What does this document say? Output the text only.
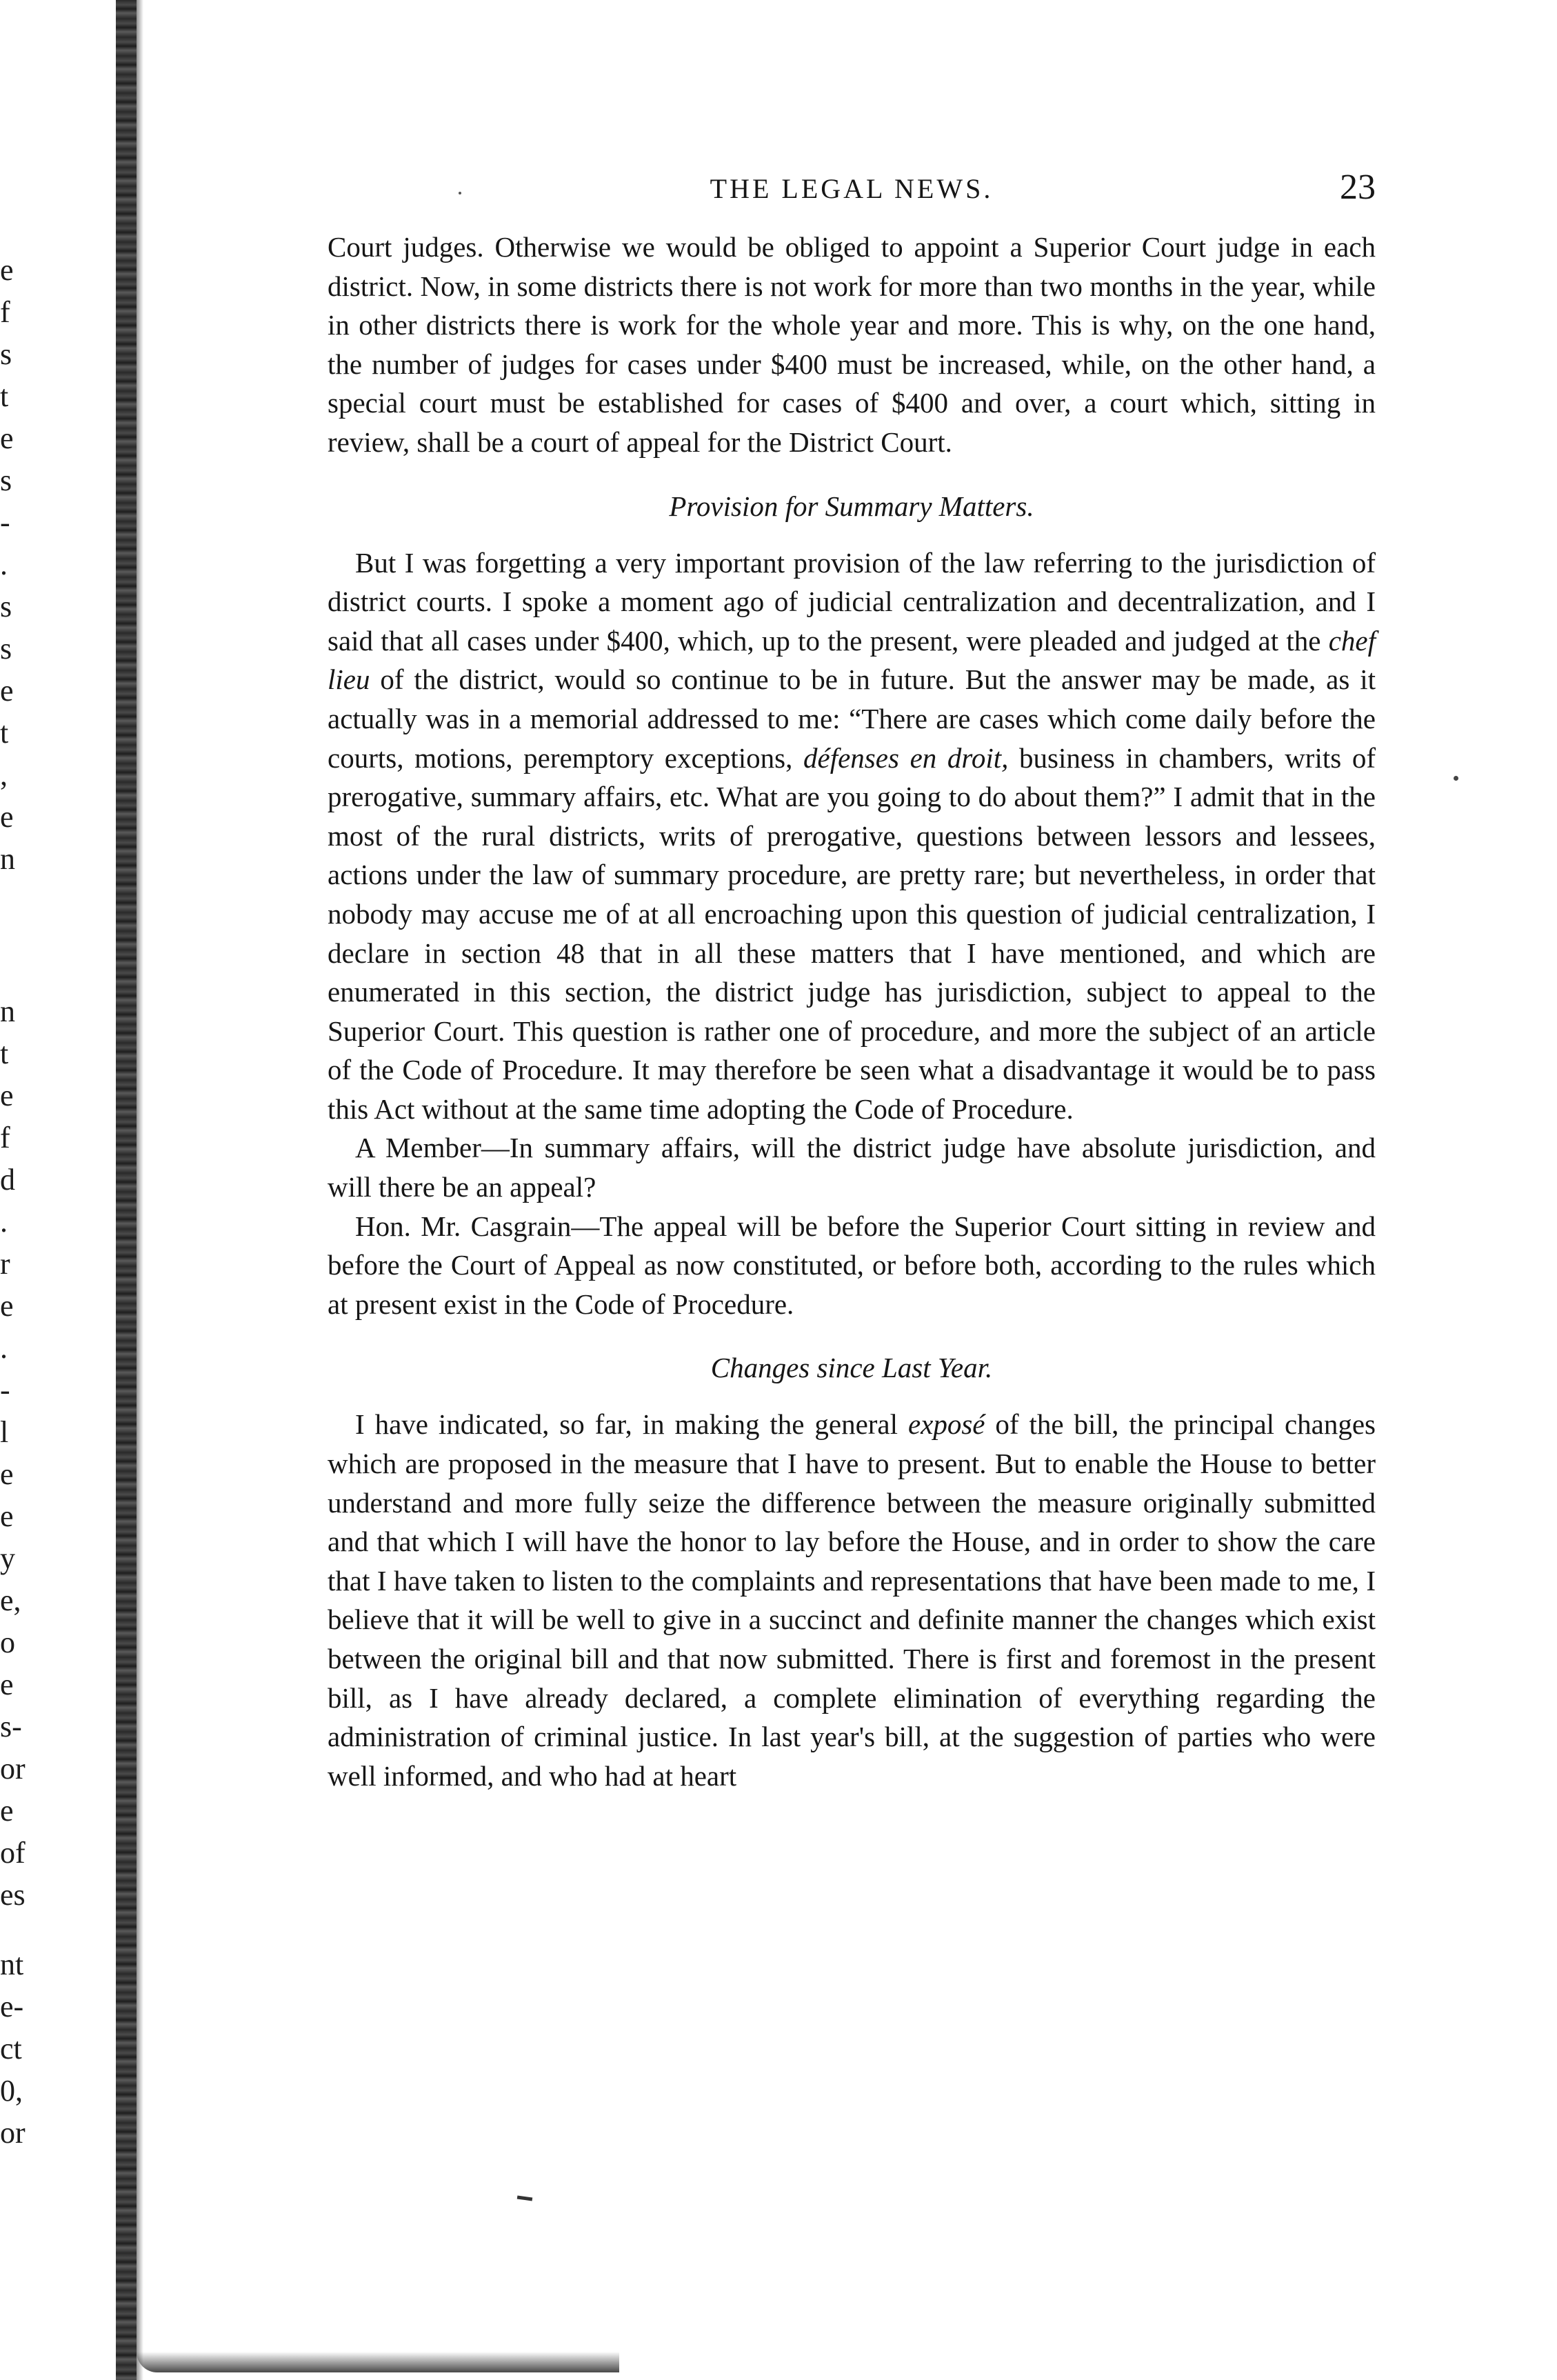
e
f
s
t
e
s
-
.
s
s
e
t
,
e
n
n
t
e
f
d
.
r
e
.
-
l
e
e
y
e,
o
e
s-
or
e
of
es
nt
e-
ct
0,
or
THE LEGAL NEWS.	23

Court judges. Otherwise we would be obliged to appoint a Superior Court judge in each district. Now, in some districts there is not work for more than two months in the year, while in other districts there is work for the whole year and more. This is why, on the one hand, the number of judges for cases under $400 must be increased, while, on the other hand, a special court must be established for cases of $400 and over, a court which, sitting in review, shall be a court of appeal for the District Court.

Provision for Summary Matters.

But I was forgetting a very important provision of the law referring to the jurisdiction of district courts. I spoke a moment ago of judicial centralization and decentralization, and I said that all cases under $400, which, up to the present, were pleaded and judged at the chef lieu of the district, would so continue to be in future. But the answer may be made, as it actually was in a memorial addressed to me: “There are cases which come daily before the courts, motions, peremptory exceptions, défenses en droit, business in chambers, writs of prerogative, summary affairs, etc. What are you going to do about them?” I admit that in the most of the rural districts, writs of prerogative, questions between lessors and lessees, actions under the law of summary procedure, are pretty rare; but nevertheless, in order that nobody may accuse me of at all encroaching upon this question of judicial centralization, I declare in section 48 that in all these matters that I have mentioned, and which are enumerated in this section, the district judge has jurisdiction, subject to appeal to the Superior Court. This question is rather one of procedure, and more the subject of an article of the Code of Procedure. It may therefore be seen what a disadvantage it would be to pass this Act without at the same time adopting the Code of Procedure.

A Member—In summary affairs, will the district judge have absolute jurisdiction, and will there be an appeal?

Hon. Mr. Casgrain—The appeal will be before the Superior Court sitting in review and before the Court of Appeal as now constituted, or before both, according to the rules which at present exist in the Code of Procedure.

Changes since Last Year.

I have indicated, so far, in making the general exposé of the bill, the principal changes which are proposed in the measure that I have to present. But to enable the House to better understand and more fully seize the difference between the measure originally submitted and that which I will have the honor to lay before the House, and in order to show the care that I have taken to listen to the complaints and representations that have been made to me, I believe that it will be well to give in a succinct and definite manner the changes which exist between the original bill and that now submitted. There is first and foremost in the present bill, as I have already declared, a complete elimination of everything regarding the administration of criminal justice. In last year's bill, at the suggestion of parties who were well informed, and who had at heart
